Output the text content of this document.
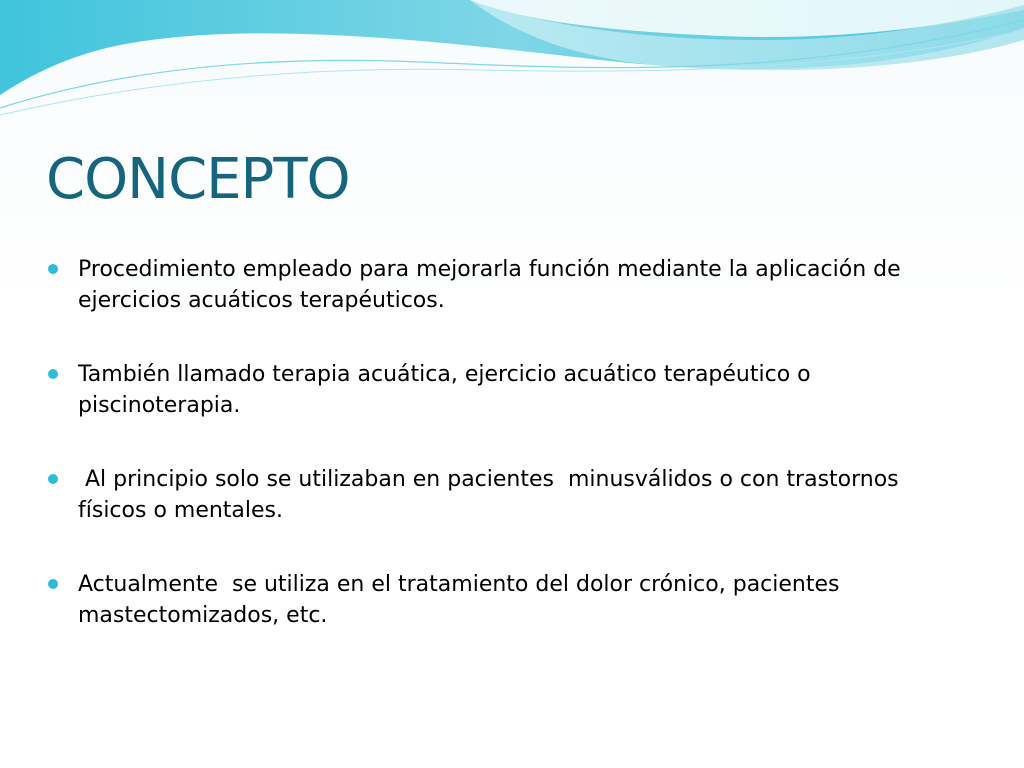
CONCEPTO
Procedimiento empleado para mejorarla función mediante la aplicación de ejercicios acuáticos terapéuticos.
También llamado terapia acuática, ejercicio acuático terapéutico o piscinoterapia.
Al principio solo se utilizaban en pacientes  minusválidos o con trastornos físicos o mentales.
Actualmente  se utiliza en el tratamiento del dolor crónico, pacientes mastectomizados, etc.
